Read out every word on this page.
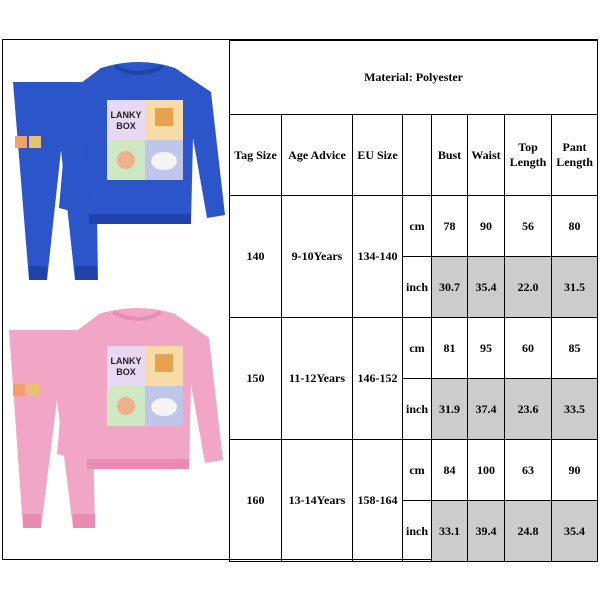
LANKY
BOX
LANKY
BOX
Material: Polyester							
Tag Size	Age Advice	EU Size		Bust	Waist	Top Length	Pant Length
140	9-10Years	134-140	cm	78	90	56	80
			inch	30.7	35.4	22.0	31.5
150	11-12Years	146-152	cm	81	95	60	85
			inch	31.9	37.4	23.6	33.5
160	13-14Years	158-164	cm	84	100	63	90
			inch	33.1	39.4	24.8	35.4
